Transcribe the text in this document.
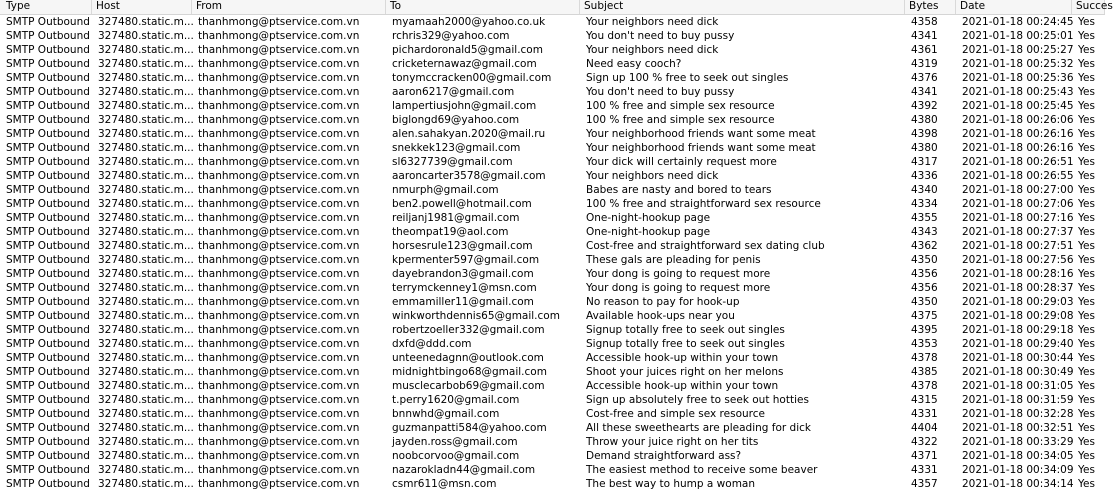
Type	Host	From	To	Subject	Bytes	Date	Succes
SMTP Outbound 327480.static.m... thanhmong@ptservice.com.vn	myamaah2000@yahoo.co.uk	Your neighbors need dick	4358	2021-01-18 00:24:45 Yes
SMTP Outbound 327480.static.m... thanhmong@ptservice.com.vn	rchris329@yahoo.com	You don't need to buy pussy	4341	2021-01-18 00:25:01 Yes
SMTP Outbound 327480.static.m... thanhmong@ptservice.com.vn	pichardoronald5@gmail.com	Your neighbors need dick	4361	2021-01-18 00:25:27 Yes
SMTP Outbound 327480.static.m... thanhmong@ptservice.com.vn	cricketernawaz@gmail.com	Need easy cooch?	4319	2021-01-18 00:25:32 Yes
SMTP Outbound 327480.static.m... thanhmong@ptservice.com.vn	tonymccracken00@gmail.com	Sign up 100 % free to seek out singles	4376	2021-01-18 00:25:36 Yes
SMTP Outbound 327480.static.m... thanhmong@ptservice.com.vn	aaron6217@gmail.com	You don't need to buy pussy	4341	2021-01-18 00:25:43 Yes
SMTP Outbound 327480.static.m... thanhmong@ptservice.com.vn	lampertiusjohn@gmail.com	100 % free and simple sex resource	4392	2021-01-18 00:25:45 Yes
SMTP Outbound 327480.static.m... thanhmong@ptservice.com.vn	biglongd69@yahoo.com	100 % free and simple sex resource	4380	2021-01-18 00:26:06 Yes
SMTP Outbound 327480.static.m... thanhmong@ptservice.com.vn	alen.sahakyan.2020@mail.ru	Your neighborhood friends want some meat	4398	2021-01-18 00:26:16 Yes
SMTP Outbound 327480.static.m... thanhmong@ptservice.com.vn	snekkek123@gmail.com	Your neighborhood friends want some meat	4380	2021-01-18 00:26:16 Yes
SMTP Outbound 327480.static.m... thanhmong@ptservice.com.vn	sl6327739@gmail.com	Your dick will certainly request more	4317	2021-01-18 00:26:51 Yes
SMTP Outbound 327480.static.m... thanhmong@ptservice.com.vn	aaroncarter3578@gmail.com	Your neighbors need dick	4336	2021-01-18 00:26:55 Yes
SMTP Outbound 327480.static.m... thanhmong@ptservice.com.vn	nmurph@gmail.com	Babes are nasty and bored to tears	4340	2021-01-18 00:27:00 Yes
SMTP Outbound 327480.static.m... thanhmong@ptservice.com.vn	ben2.powell@hotmail.com	100 % free and straightforward sex resource	4334	2021-01-18 00:27:06 Yes
SMTP Outbound 327480.static.m... thanhmong@ptservice.com.vn	reiljanj1981@gmail.com	One-night-hookup page	4355	2021-01-18 00:27:16 Yes
SMTP Outbound 327480.static.m... thanhmong@ptservice.com.vn	theompat19@aol.com	One-night-hookup page	4343	2021-01-18 00:27:37 Yes
SMTP Outbound 327480.static.m... thanhmong@ptservice.com.vn	horsesrule123@gmail.com	Cost-free and straightforward sex dating club	4362	2021-01-18 00:27:51 Yes
SMTP Outbound 327480.static.m... thanhmong@ptservice.com.vn	kpermenter597@gmail.com	These gals are pleading for penis	4350	2021-01-18 00:27:56 Yes
SMTP Outbound 327480.static.m... thanhmong@ptservice.com.vn	dayebrandon3@gmail.com	Your dong is going to request more	4356	2021-01-18 00:28:16 Yes
SMTP Outbound 327480.static.m... thanhmong@ptservice.com.vn	terrymckenney1@msn.com	Your dong is going to request more	4356	2021-01-18 00:28:37 Yes
SMTP Outbound 327480.static.m... thanhmong@ptservice.com.vn	emmamiller11@gmail.com	No reason to pay for hook-up	4350	2021-01-18 00:29:03 Yes
SMTP Outbound 327480.static.m... thanhmong@ptservice.com.vn	winkworthdennis65@gmail.com	Available hook-ups near you	4375	2021-01-18 00:29:08 Yes
SMTP Outbound 327480.static.m... thanhmong@ptservice.com.vn	robertzoeller332@gmail.com	Signup totally free to seek out singles	4395	2021-01-18 00:29:18 Yes
SMTP Outbound 327480.static.m... thanhmong@ptservice.com.vn	dxfd@ddd.com	Signup totally free to seek out singles	4353	2021-01-18 00:29:40 Yes
SMTP Outbound 327480.static.m... thanhmong@ptservice.com.vn	unteenedagnn@outlook.com	Accessible hook-up within your town	4378	2021-01-18 00:30:44 Yes
SMTP Outbound 327480.static.m... thanhmong@ptservice.com.vn	midnightbingo68@gmail.com	Shoot your juices right on her melons	4385	2021-01-18 00:30:49 Yes
SMTP Outbound 327480.static.m... thanhmong@ptservice.com.vn	musclecarbob69@gmail.com	Accessible hook-up within your town	4378	2021-01-18 00:31:05 Yes
SMTP Outbound 327480.static.m... thanhmong@ptservice.com.vn	t.perry1620@gmail.com	Sign up absolutely free to seek out hotties	4315	2021-01-18 00:31:59 Yes
SMTP Outbound 327480.static.m... thanhmong@ptservice.com.vn	bnnwhd@gmail.com	Cost-free and simple sex resource	4331	2021-01-18 00:32:28 Yes
SMTP Outbound 327480.static.m... thanhmong@ptservice.com.vn	guzmanpatti584@yahoo.com	All these sweethearts are pleading for dick	4404	2021-01-18 00:32:51 Yes
SMTP Outbound 327480.static.m... thanhmong@ptservice.com.vn	jayden.ross@gmail.com	Throw your juice right on her tits	4322	2021-01-18 00:33:29 Yes
SMTP Outbound 327480.static.m... thanhmong@ptservice.com.vn	noobcorvoo@gmail.com	Demand straightforward ass?	4371	2021-01-18 00:34:05 Yes
SMTP Outbound 327480.static.m... thanhmong@ptservice.com.vn	nazarokladn44@gmail.com	The easiest method to receive some beaver	4331	2021-01-18 00:34:09 Yes
SMTP Outbound 327480.static.m... thanhmong@ptservice.com.vn	csmr611@msn.com	The best way to hump a woman	4357	2021-01-18 00:34:14 Yes
